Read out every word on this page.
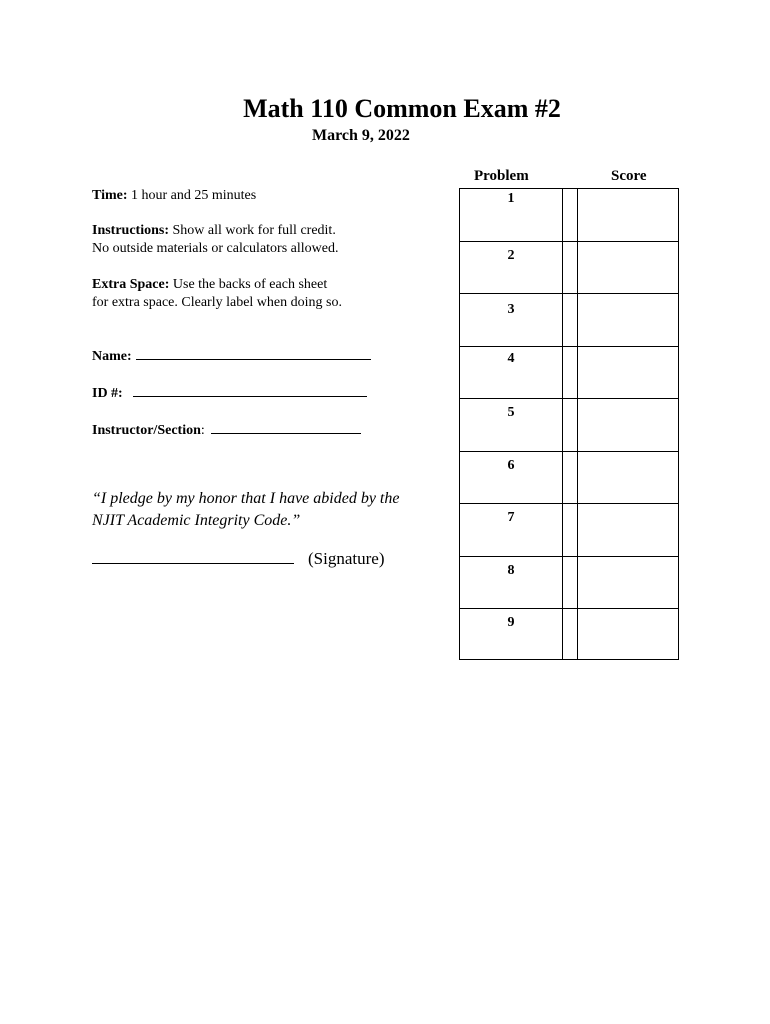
Math 110 Common Exam #2
March 9, 2022
Time: 1 hour and 25 minutes
Instructions: Show all work for full credit.
No outside materials or calculators allowed.
Extra Space: Use the backs of each sheet
for extra space. Clearly label when doing so.
Name:
ID #:
Instructor/Section:
“I pledge by my honor that I have abided by the
NJIT Academic Integrity Code.”
(Signature)
Problem	Score
1
2
3
4
5
6
7
8
9
